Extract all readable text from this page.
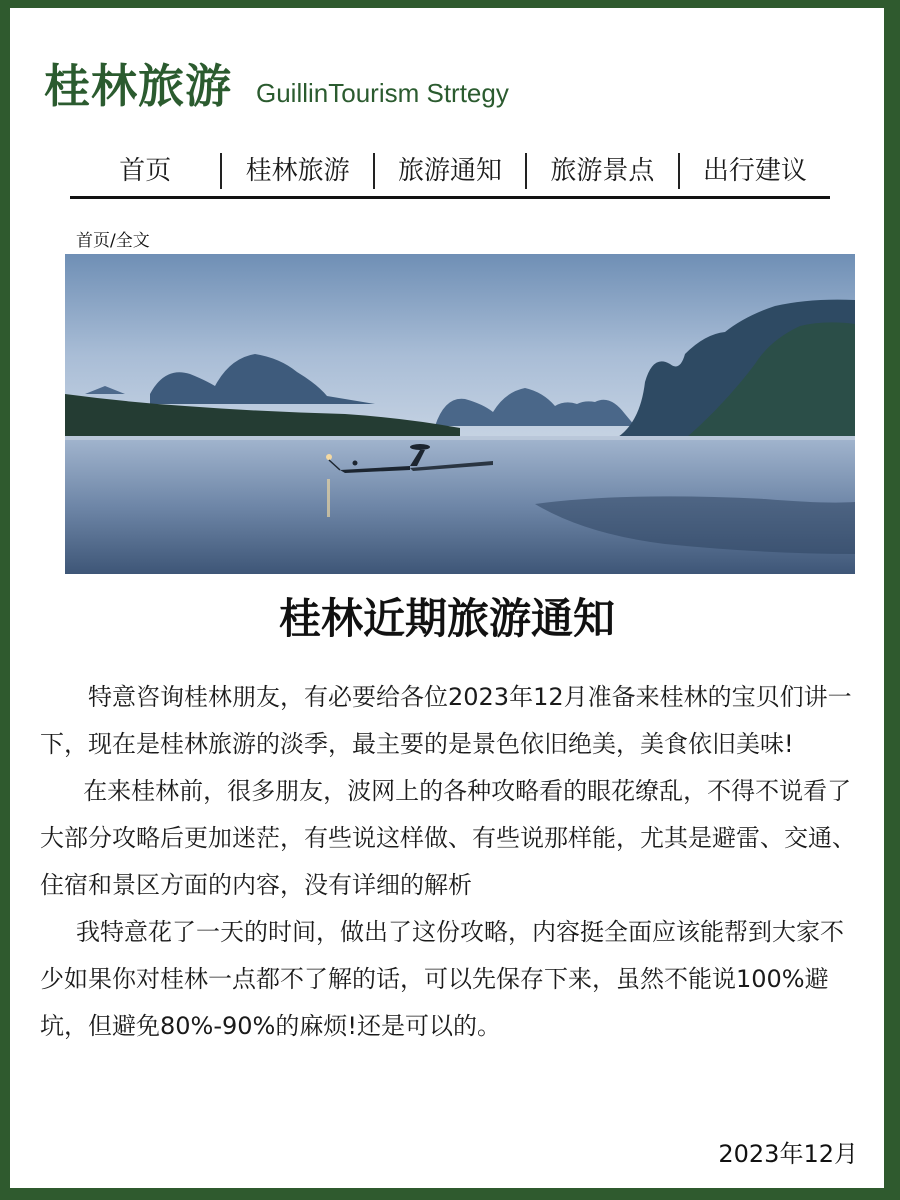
桂林旅游 GuillinTourism Strtegy
首页	桂林旅游	旅游通知	旅游景点	出行建议
首页/全文
桂林近期旅游通知

特意咨询桂林朋友，有必要给各位2023年12月准备来桂林的宝贝们讲一下，现在是桂林旅游的淡季，最主要的是景色依旧绝美，美食依旧美味!

在来桂林前，很多朋友，波网上的各种攻略看的眼花缭乱，不得不说看了大部分攻略后更加迷茫，有些说这样做、有些说那样能，尤其是避雷、交通、住宿和景区方面的内容，没有详细的解析

我特意花了一天的时间，做出了这份攻略，内容挺全面应该能帮到大家不少如果你对桂林一点都不了解的话，可以先保存下来，虽然不能说100%避坑，但避免80%-90%的麻烦!还是可以的。

2023年12月
